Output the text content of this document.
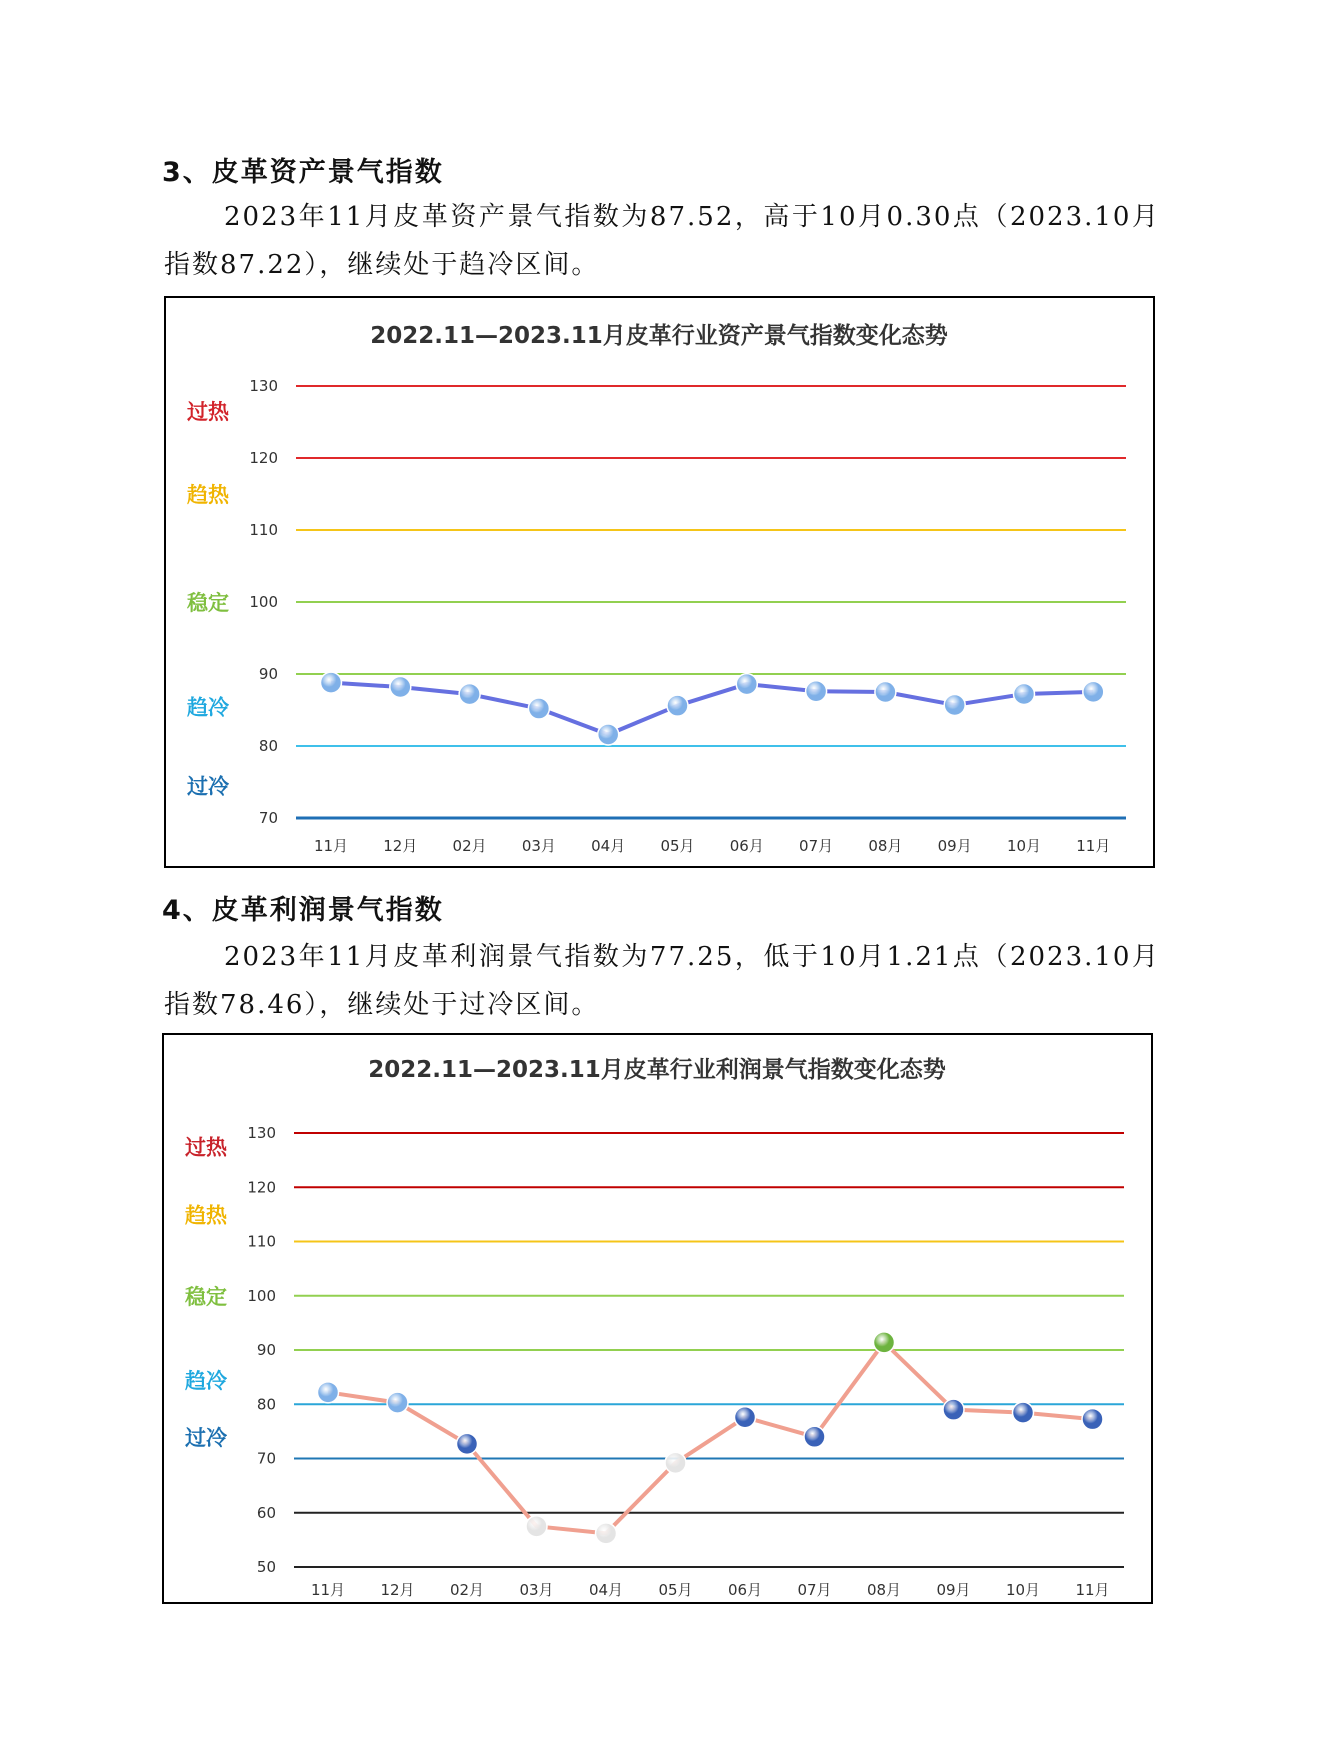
3、皮革资产景气指数

2023年11月皮革资产景气指数为87.52，高于10月0.30点（2023.10月指数87.22），继续处于趋冷区间。

2022.11—2023.11月皮革行业资产景气指数变化态势
70
80
90
100
110
120
130
过热
趋热
稳定
趋冷
过冷
11月 12月 02月 03月 04月 05月 06月 07月 08月 09月 10月 11月
4、皮革利润景气指数

2023年11月皮革利润景气指数为77.25，低于10月1.21点（2023.10月指数78.46），继续处于过冷区间。

2022.11—2023.11月皮革行业利润景气指数变化态势
50
60
70
80
90
100
110
120
130
过热
趋热
稳定
趋冷
过冷
11月 12月 02月 03月 04月 05月 06月 07月 08月 09月 10月 11月
